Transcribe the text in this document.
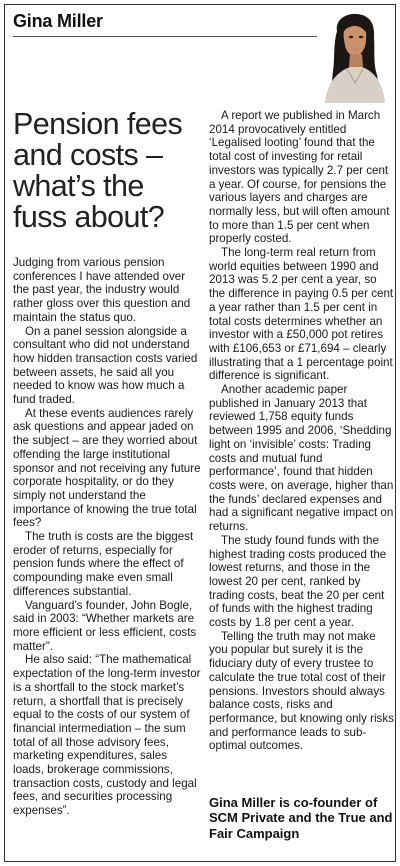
Gina Miller
Pension fees and costs – what’s the fuss about?

Judging from various pension conferences I have attended over the past year, the industry would rather gloss over this question and maintain the status quo.

On a panel session alongside a consultant who did not understand how hidden transaction costs varied between assets, he said all you needed to know was how much a fund traded.

At these events audiences rarely ask questions and appear jaded on the subject – are they worried about offending the large institutional sponsor and not receiving any future corporate hospitality, or do they simply not understand the importance of knowing the true total fees?

The truth is costs are the biggest eroder of returns, especially for pension funds where the effect of compounding make even small differences substantial.

Vanguard’s founder, John Bogle, said in 2003: “Whether markets are more efficient or less efficient, costs matter”.

He also said: “The mathematical expectation of the long-term investor is a shortfall to the stock market’s return, a shortfall that is precisely equal to the costs of our system of financial intermediation – the sum total of all those advisory fees, marketing expenditures, sales loads, brokerage commissions, transaction costs, custody and legal fees, and securities processing expenses”.

A report we published in March 2014 provocatively entitled ‘Legalised looting’ found that the total cost of investing for retail investors was typically 2.7 per cent a year. Of course, for pensions the various layers and charges are normally less, but will often amount to more than 1.5 per cent when properly costed.

The long-term real return from world equities between 1990 and 2013 was 5.2 per cent a year, so the difference in paying 0.5 per cent a year rather than 1.5 per cent in total costs determines whether an investor with a £50,000 pot retires with £106,653 or £71,694 – clearly illustrating that a 1 percentage point difference is significant.

Another academic paper published in January 2013 that reviewed 1,758 equity funds between 1995 and 2006, ‘Shedding light on ‘invisible’ costs: Trading costs and mutual fund performance’, found that hidden costs were, on average, higher than the funds’ declared expenses and had a significant negative impact on returns.

The study found funds with the highest trading costs produced the lowest returns, and those in the lowest 20 per cent, ranked by trading costs, beat the 20 per cent of funds with the highest trading costs by 1.8 per cent a year.

Telling the truth may not make you popular but surely it is the fiduciary duty of every trustee to calculate the true total cost of their pensions. Investors should always balance costs, risks and performance, but knowing only risks and performance leads to sub-optimal outcomes.

Gina Miller is co-founder of SCM Private and the True and Fair Campaign
